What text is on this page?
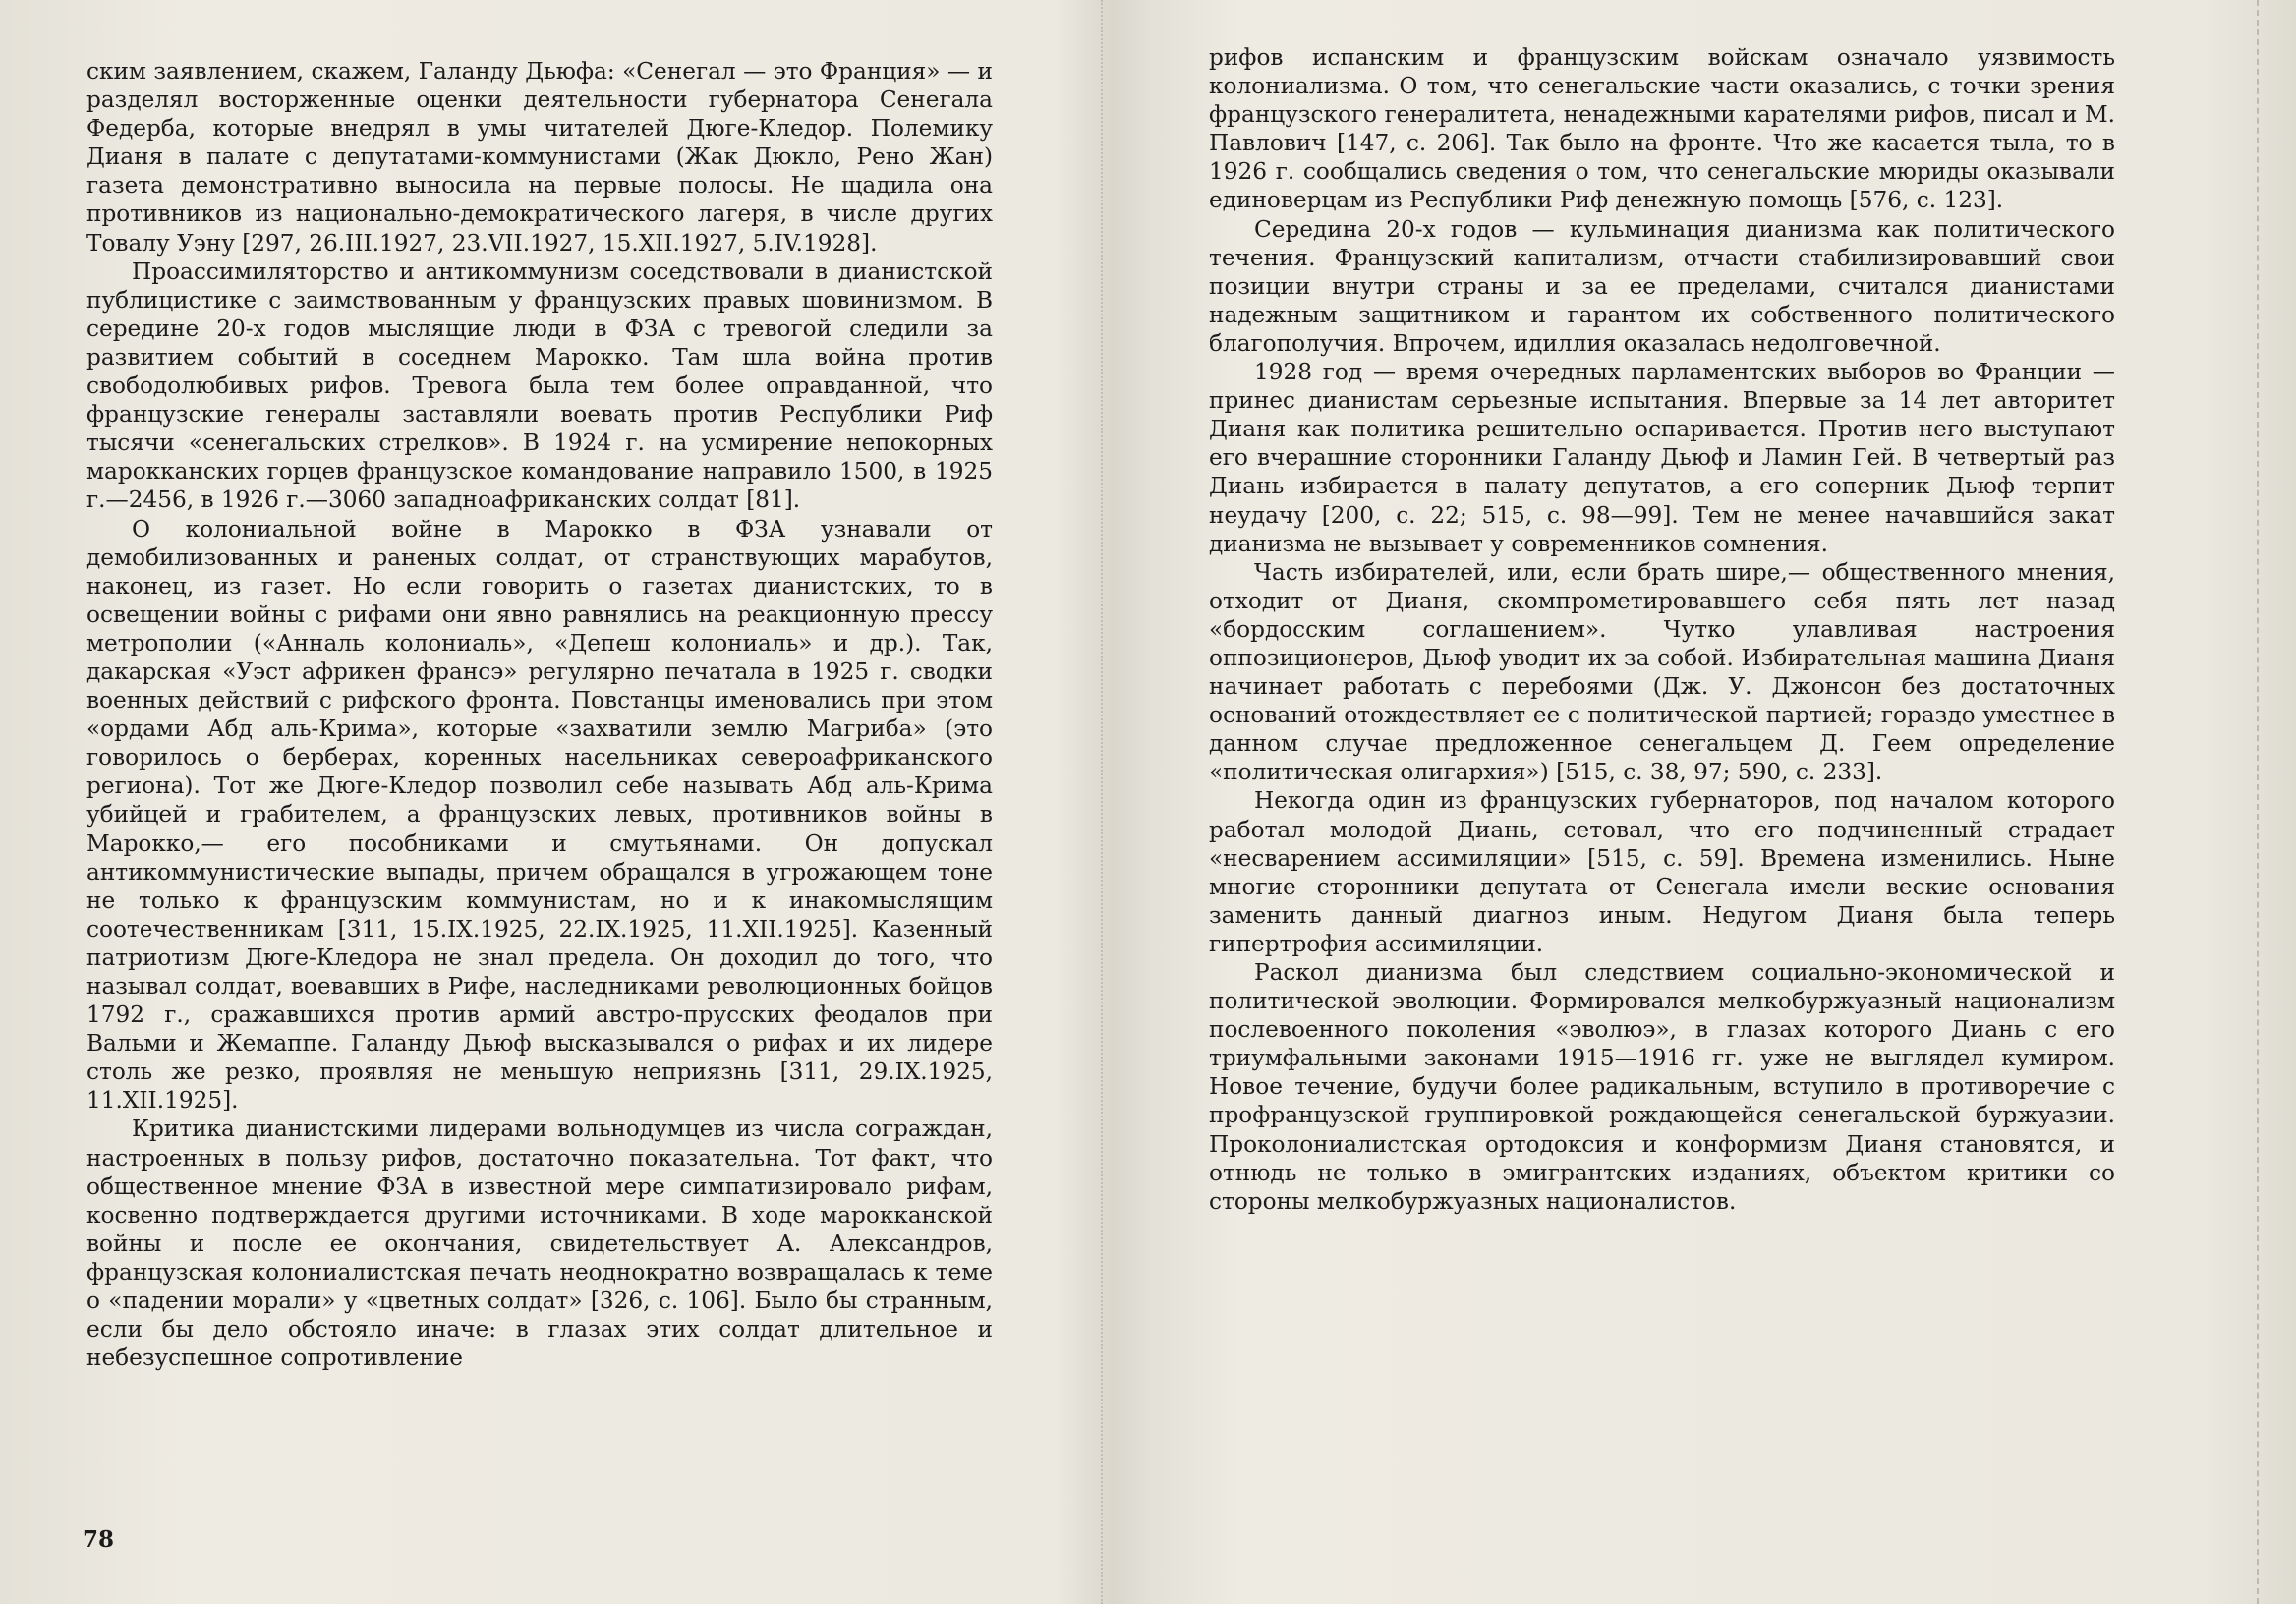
ским заявлением, скажем, Галанду Дьюфа: «Сенегал — это Франция» — и разделял восторженные оценки деятельности губернатора Сенегала Федерба, которые внедрял в умы читателей Дюге-Кледор. Полемику Дианя в палате с депутатами-коммунистами (Жак Дюкло, Рено Жан) газета демонстративно выносила на первые полосы. Не щадила она противников из национально-демократического лагеря, в числе других Товалу Уэну [297, 26.III.1927, 23.VII.1927, 15.XII.1927, 5.IV.1928].

Проассимиляторство и антикоммунизм соседствовали в дианистской публицистике с заимствованным у французских правых шовинизмом. В середине 20-х годов мыслящие люди в ФЗА с тревогой следили за развитием событий в соседнем Марокко. Там шла война против свободолюбивых рифов. Тревога была тем более оправданной, что французские генералы заставляли воевать против Республики Риф тысячи «сенегальских стрелков». В 1924 г. на усмирение непокорных марокканских горцев французское командование направило 1500, в 1925 г.—2456, в 1926 г.—3060 западноафриканских солдат [81].

О колониальной войне в Марокко в ФЗА узнавали от демобилизованных и раненых солдат, от странствующих марабутов, наконец, из газет. Но если говорить о газетах дианистских, то в освещении войны с рифами они явно равнялись на реакционную прессу метрополии («Анналь колониаль», «Депеш колониаль» и др.). Так, дакарская «Уэст африкен франсэ» регулярно печатала в 1925 г. сводки военных действий с рифского фронта. Повстанцы именовались при этом «ордами Абд аль-Крима», которые «захватили землю Магриба» (это говорилось о берберах, коренных насельниках североафриканского региона). Тот же Дюге-Кледор позволил себе называть Абд аль-Крима убийцей и грабителем, а французских левых, противников войны в Марокко,— его пособниками и смутьянами. Он допускал антикоммунистические выпады, причем обращался в угрожающем тоне не только к французским коммунистам, но и к инакомыслящим соотечественникам [311, 15.IX.1925, 22.IX.1925, 11.XII.1925]. Казенный патриотизм Дюге-Кледора не знал предела. Он доходил до того, что называл солдат, воевавших в Рифе, наследниками революционных бойцов 1792 г., сражавшихся против армий австро-прусских феодалов при Вальми и Жемаппе. Галанду Дьюф высказывался о рифах и их лидере столь же резко, проявляя не меньшую неприязнь [311, 29.IX.1925, 11.XII.1925].

Критика дианистскими лидерами вольнодумцев из числа сограждан, настроенных в пользу рифов, достаточно показательна. Тот факт, что общественное мнение ФЗА в известной мере симпатизировало рифам, косвенно подтверждается другими источниками. В ходе марокканской войны и после ее окончания, свидетельствует А. Александров, французская колониалистская печать неоднократно возвращалась к теме о «падении морали» у «цветных солдат» [326, с. 106]. Было бы странным, если бы дело обстояло иначе: в глазах этих солдат длительное и небезуспешное сопротивление

78

рифов испанским и французским войскам означало уязвимость колониализма. О том, что сенегальские части оказались, с точки зрения французского генералитета, ненадежными карателями рифов, писал и М. Павлович [147, с. 206]. Так было на фронте. Что же касается тыла, то в 1926 г. сообщались сведения о том, что сенегальские мюриды оказывали единоверцам из Республики Риф денежную помощь [576, с. 123].

Середина 20-х годов — кульминация дианизма как политического течения. Французский капитализм, отчасти стабилизировавший свои позиции внутри страны и за ее пределами, считался дианистами надежным защитником и гарантом их собственного политического благополучия. Впрочем, идиллия оказалась недолговечной.

1928 год — время очередных парламентских выборов во Франции — принес дианистам серьезные испытания. Впервые за 14 лет авторитет Дианя как политика решительно оспаривается. Против него выступают его вчерашние сторонники Галанду Дьюф и Ламин Гей. В четвертый раз Диань избирается в палату депутатов, а его соперник Дьюф терпит неудачу [200, с. 22; 515, с. 98—99]. Тем не менее начавшийся закат дианизма не вызывает у современников сомнения.

Часть избирателей, или, если брать шире,— общественного мнения, отходит от Дианя, скомпрометировавшего себя пять лет назад «бордосским соглашением». Чутко улавливая настроения оппозиционеров, Дьюф уводит их за собой. Избирательная машина Дианя начинает работать с перебоями (Дж. У. Джонсон без достаточных оснований отождествляет ее с политической партией; гораздо уместнее в данном случае предложенное сенегальцем Д. Геем определение «политическая олигархия») [515, с. 38, 97; 590, с. 233].

Некогда один из французских губернаторов, под началом которого работал молодой Диань, сетовал, что его подчиненный страдает «несварением ассимиляции» [515, с. 59]. Времена изменились. Ныне многие сторонники депутата от Сенегала имели веские основания заменить данный диагноз иным. Недугом Дианя была теперь гипертрофия ассимиляции.

Раскол дианизма был следствием социально-экономической и политической эволюции. Формировался мелкобуржуазный национализм послевоенного поколения «эволюэ», в глазах которого Диань с его триумфальными законами 1915—1916 гг. уже не выглядел кумиром. Новое течение, будучи более радикальным, вступило в противоречие с профранцузской группировкой рождающейся сенегальской буржуазии. Проколониалистская ортодоксия и конформизм Дианя становятся, и отнюдь не только в эмигрантских изданиях, объектом критики со стороны мелкобуржуазных националистов.
